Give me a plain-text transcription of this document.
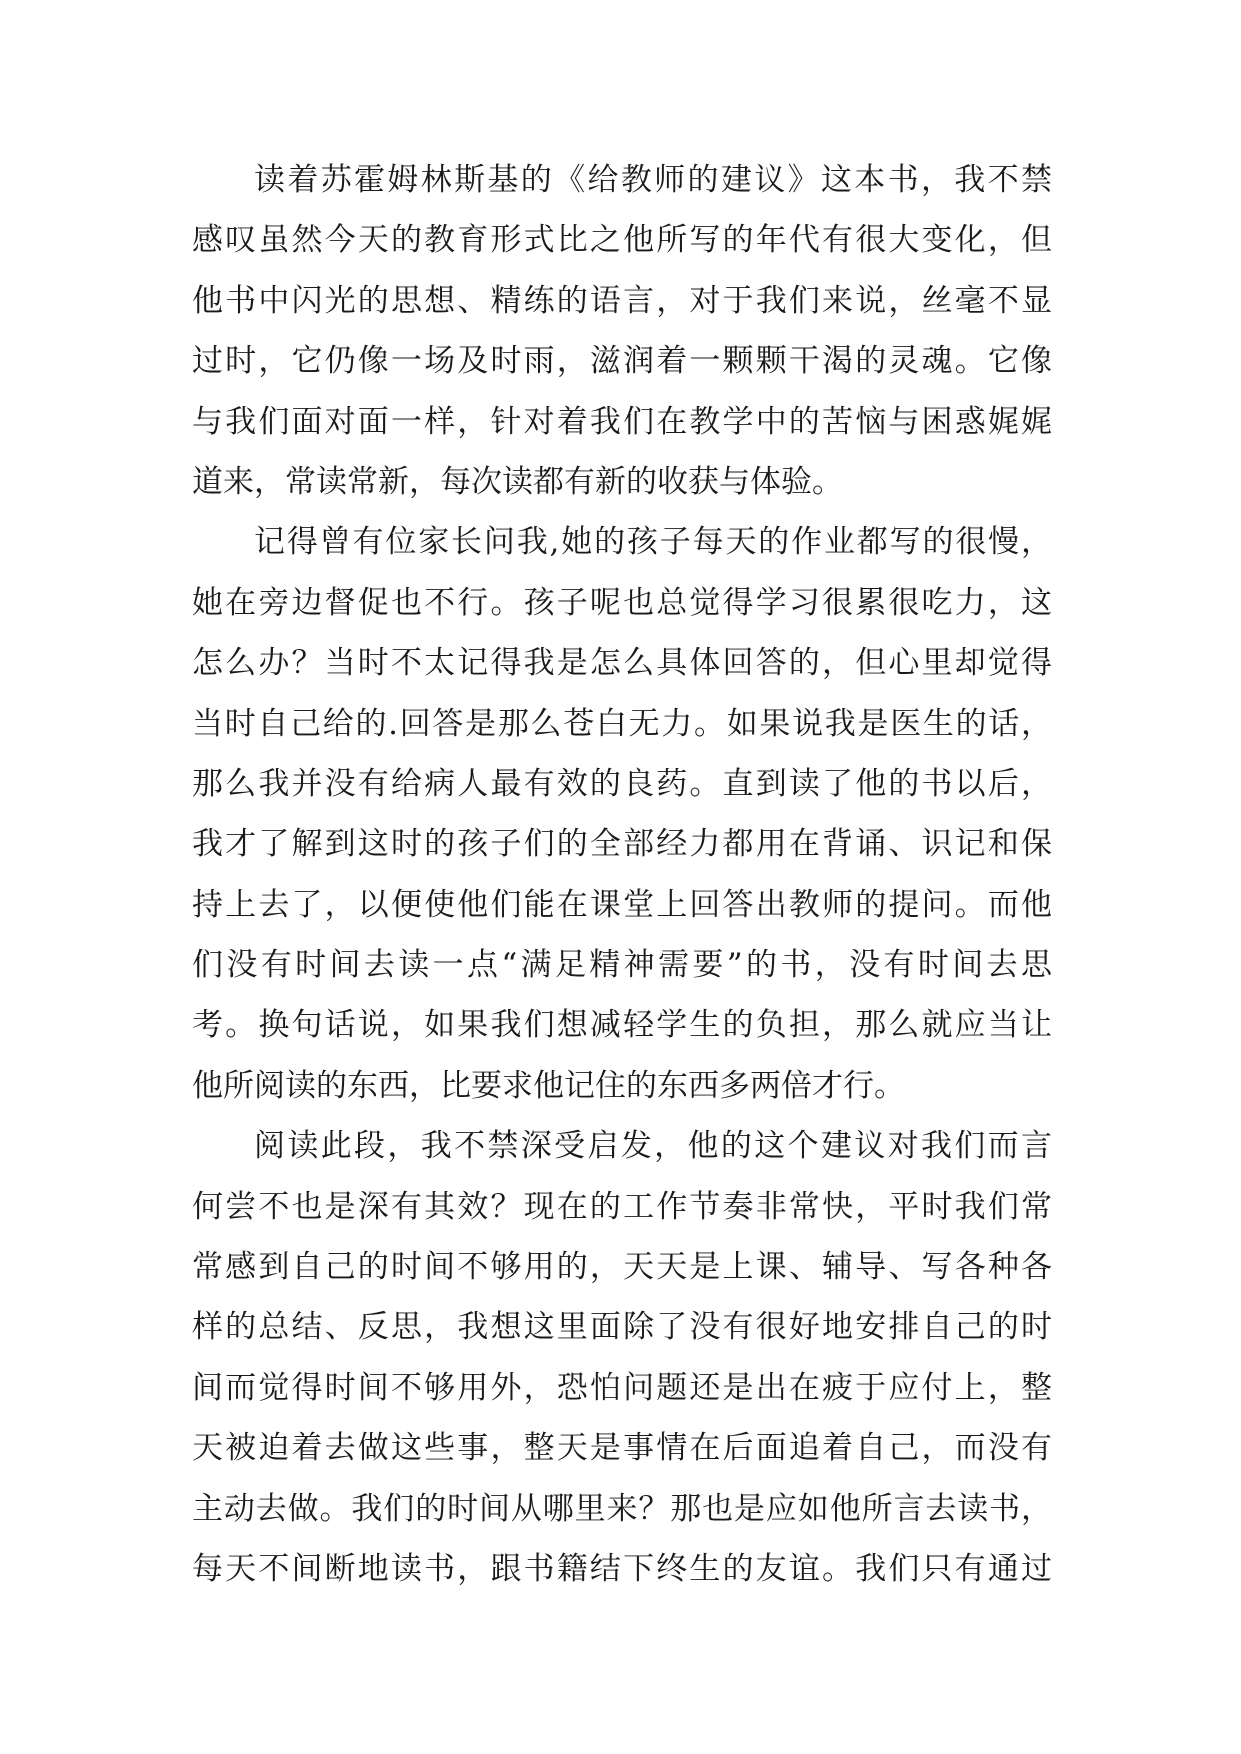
读着苏霍姆林斯基的《给教师的建议》这本书，我不禁
感叹虽然今天的教育形式比之他所写的年代有很大变化，但
他书中闪光的思想、精练的语言，对于我们来说，丝毫不显
过时，它仍像一场及时雨，滋润着一颗颗干渴的灵魂。它像
与我们面对面一样，针对着我们在教学中的苦恼与困惑娓娓
道来，常读常新，每次读都有新的收获与体验。
记得曾有位家长问我,她的孩子每天的作业都写的很慢，
她在旁边督促也不行。孩子呢也总觉得学习很累很吃力，这
怎么办？当时不太记得我是怎么具体回答的，但心里却觉得
当时自己给的.回答是那么苍白无力。如果说我是医生的话，
那么我并没有给病人最有效的良药。直到读了他的书以后，
我才了解到这时的孩子们的全部经力都用在背诵、识记和保
持上去了，以便使他们能在课堂上回答出教师的提问。而他
们没有时间去读一点“满足精神需要”的书，没有时间去思
考。换句话说，如果我们想减轻学生的负担，那么就应当让
他所阅读的东西，比要求他记住的东西多两倍才行。
阅读此段，我不禁深受启发，他的这个建议对我们而言
何尝不也是深有其效？现在的工作节奏非常快，平时我们常
常感到自己的时间不够用的，天天是上课、辅导、写各种各
样的总结、反思，我想这里面除了没有很好地安排自己的时
间而觉得时间不够用外，恐怕问题还是出在疲于应付上，整
天被迫着去做这些事，整天是事情在后面追着自己，而没有
主动去做。我们的时间从哪里来？那也是应如他所言去读书，
每天不间断地读书，跟书籍结下终生的友谊。我们只有通过
